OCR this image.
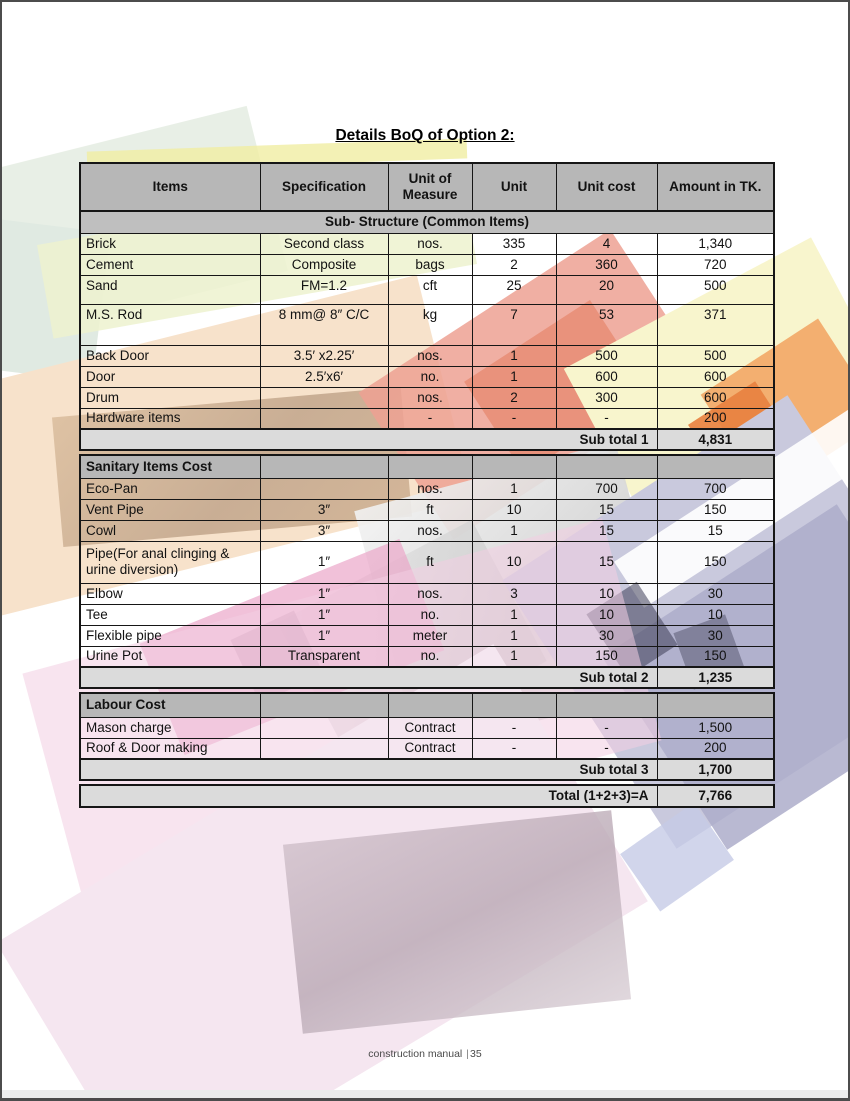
Details BoQ of Option 2:
Items	Specification	Unit of Measure	Unit	Unit cost	Amount in TK.
Sub- Structure (Common Items)					
Brick	Second class	nos.	335	4	1,340
Cement	Composite	bags	2	360	720
Sand	FM=1.2	cft	25	20	500
M.S. Rod	8 mm@ 8″ C/C	kg	7	53	371
Back Door	3.5′ x2.25′	nos.	1	500	500
Door	2.5′x6′	no.	1	600	600
Drum		nos.	2	300	600
Hardware items		-	-	-	200
Sub total 1					4,831
Sanitary Items Cost					
Eco-Pan		nos.	1	700	700
Vent Pipe	3″	ft	10	15	150
Cowl	3″	nos.	1	15	15
Pipe(For anal clinging & urine diversion)	1″	ft	10	15	150
Elbow	1″	nos.	3	10	30
Tee	1″	no.	1	10	10
Flexible pipe	1″	meter	1	30	30
Urine Pot	Transparent	no.	1	150	150
Sub total 2					1,235
Labour Cost					
Mason charge		Contract	-	-	1,500
Roof & Door making		Contract	-	-	200
Sub total 3					1,700
Total (1+2+3)=A	7,766
construction manual |35
